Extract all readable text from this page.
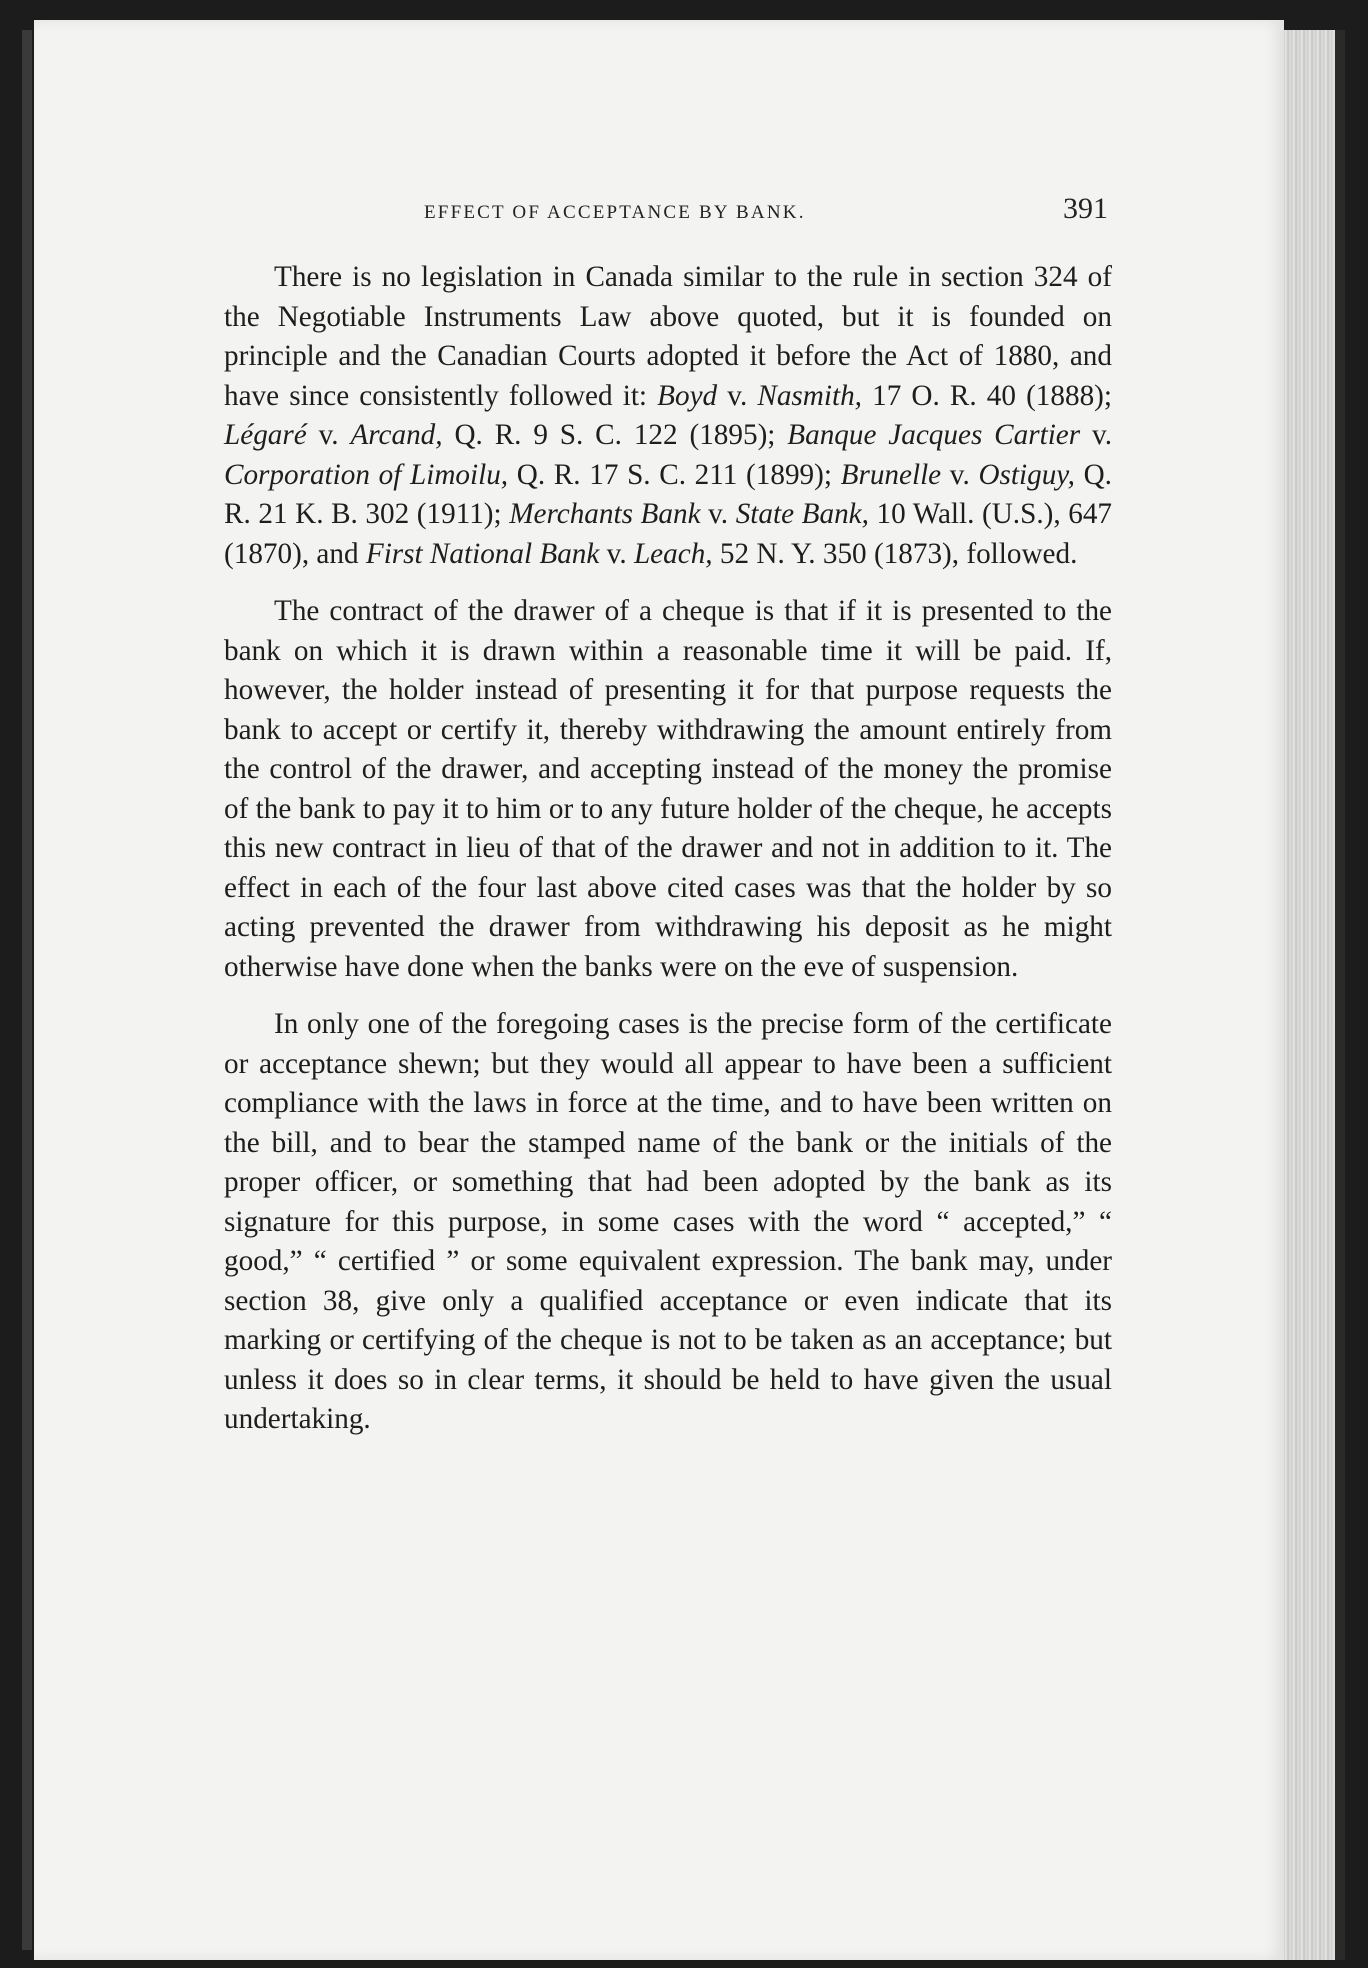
EFFECT OF ACCEPTANCE BY BANK.	391

There is no legislation in Canada similar to the rule in section 324 of the Negotiable Instruments Law above quoted, but it is founded on principle and the Canadian Courts adopted it before the Act of 1880, and have since consistently followed it: Boyd v. Nasmith, 17 O. R. 40 (1888); Légaré v. Arcand, Q. R. 9 S. C. 122 (1895); Banque Jacques Cartier v. Corporation of Limoilu, Q. R. 17 S. C. 211 (1899); Brunelle v. Ostiguy, Q. R. 21 K. B. 302 (1911); Merchants Bank v. State Bank, 10 Wall. (U.S.), 647 (1870), and First National Bank v. Leach, 52 N. Y. 350 (1873), followed.

The contract of the drawer of a cheque is that if it is presented to the bank on which it is drawn within a reasonable time it will be paid. If, however, the holder instead of presenting it for that purpose requests the bank to accept or certify it, thereby withdrawing the amount entirely from the control of the drawer, and accepting instead of the money the promise of the bank to pay it to him or to any future holder of the cheque, he accepts this new contract in lieu of that of the drawer and not in addition to it. The effect in each of the four last above cited cases was that the holder by so acting prevented the drawer from withdrawing his deposit as he might otherwise have done when the banks were on the eve of suspension.

In only one of the foregoing cases is the precise form of the certificate or acceptance shewn; but they would all appear to have been a sufficient compliance with the laws in force at the time, and to have been written on the bill, and to bear the stamped name of the bank or the initials of the proper officer, or something that had been adopted by the bank as its signature for this purpose, in some cases with the word “ accepted,” “ good,” “ certified ” or some equivalent expression. The bank may, under section 38, give only a qualified acceptance or even indicate that its marking or certifying of the cheque is not to be taken as an acceptance; but unless it does so in clear terms, it should be held to have given the usual undertaking.
